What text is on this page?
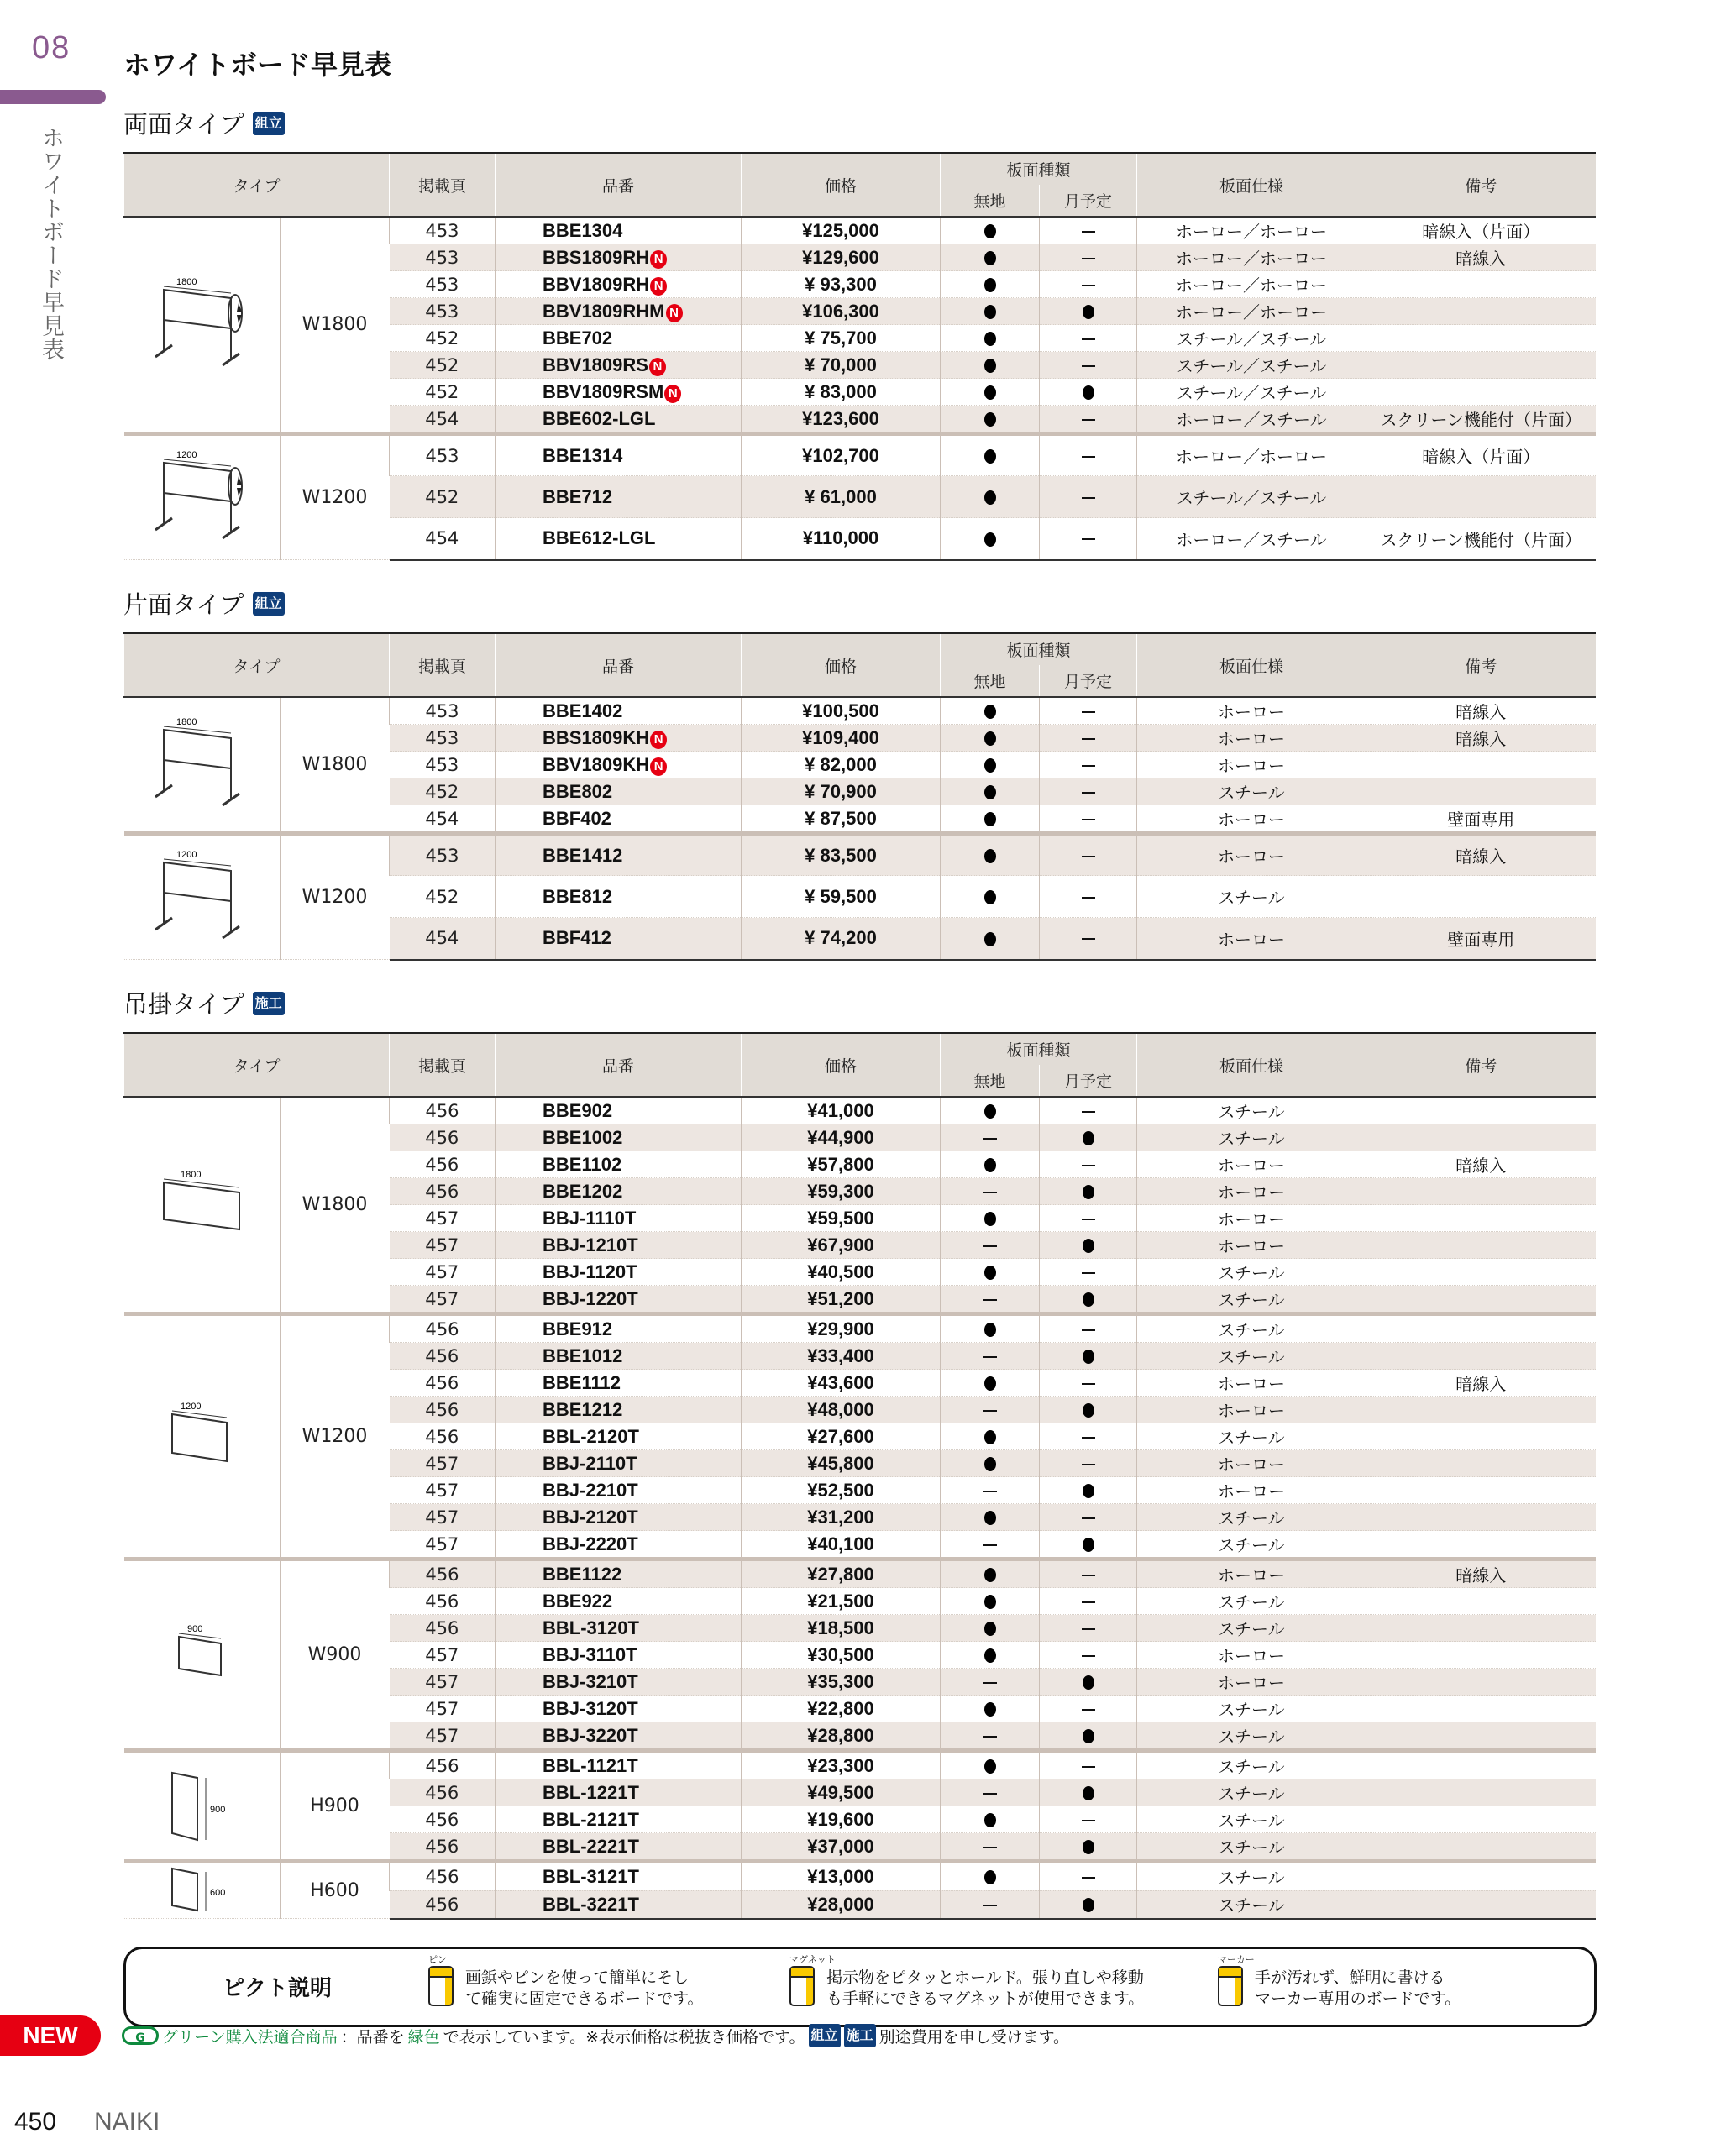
08
ホワイトボード早見表
ホワイトボード早見表
両面タイプ 組立
タイプ		掲載頁	品番	価格	板面種類		板面仕様	備考
					無地	月予定		

1800	W1800	453	BBE1304	¥125,000			ホーロー／ホーロー	暗線入（片面）
		453	BBS1809RH N	¥129,600			ホーロー／ホーロー	暗線入
		453	BBV1809RH N	¥ 93,300			ホーロー／ホーロー	
		453	BBV1809RHM N	¥106,300			ホーロー／ホーロー	
		452	BBE702	¥ 75,700			スチール／スチール	
		452	BBV1809RS N	¥ 70,000			スチール／スチール	
		452	BBV1809RSM N	¥ 83,000			スチール／スチール	
		454	BBE602-LGL	¥123,600			ホーロー／スチール	スクリーン機能付（片面）

1200	W1200	453	BBE1314	¥102,700			ホーロー／ホーロー	暗線入（片面）
		452	BBE712	¥ 61,000			スチール／スチール	
		454	BBE612-LGL	¥110,000			ホーロー／スチール	スクリーン機能付（片面）
片面タイプ 組立
タイプ		掲載頁	品番	価格	板面種類		板面仕様	備考
					無地	月予定		

1800	W1800	453	BBE1402	¥100,500			ホーロー	暗線入
		453	BBS1809KH N	¥109,400			ホーロー	暗線入
		453	BBV1809KH N	¥ 82,000			ホーロー	
		452	BBE802	¥ 70,900			スチール	
		454	BBF402	¥ 87,500			ホーロー	壁面専用

1200	W1200	453	BBE1412	¥ 83,500			ホーロー	暗線入
		452	BBE812	¥ 59,500			スチール	
		454	BBF412	¥ 74,200			ホーロー	壁面専用
吊掛タイプ 施工
タイプ		掲載頁	品番	価格	板面種類		板面仕様	備考
					無地	月予定		

1800	W1800	456	BBE902	¥41,000			スチール	
		456	BBE1002	¥44,900			スチール	
		456	BBE1102	¥57,800			ホーロー	暗線入
		456	BBE1202	¥59,300			ホーロー	
		457	BBJ-1110T	¥59,500			ホーロー	
		457	BBJ-1210T	¥67,900			ホーロー	
		457	BBJ-1120T	¥40,500			スチール	
		457	BBJ-1220T	¥51,200			スチール	

1200	W1200	456	BBE912	¥29,900			スチール	
		456	BBE1012	¥33,400			スチール	
		456	BBE1112	¥43,600			ホーロー	暗線入
		456	BBE1212	¥48,000			ホーロー	
		456	BBL-2120T	¥27,600			スチール	
		457	BBJ-2110T	¥45,800			ホーロー	
		457	BBJ-2210T	¥52,500			ホーロー	
		457	BBJ-2120T	¥31,200			スチール	
		457	BBJ-2220T	¥40,100			スチール	

900	W900	456	BBE1122	¥27,800			ホーロー	暗線入
		456	BBE922	¥21,500			スチール	
		456	BBL-3120T	¥18,500			スチール	
		457	BBJ-3110T	¥30,500			ホーロー	
		457	BBJ-3210T	¥35,300			ホーロー	
		457	BBJ-3120T	¥22,800			スチール	
		457	BBJ-3220T	¥28,800			スチール	

900	H900	456	BBL-1121T	¥23,300			スチール	
		456	BBL-1221T	¥49,500			スチール	
		456	BBL-2121T	¥19,600			スチール	
		456	BBL-2221T	¥37,000			スチール	

600	H600	456	BBL-3121T	¥13,000			スチール	
		456	BBL-3221T	¥28,000			スチール	
ピクト説明
ピン
画鋲やピンを使って簡単にそし
て確実に固定できるボードです。
マグネット
掲示物をピタッとホールド。張り直しや移動
も手軽にできるマグネットが使用できます。
マーカー
手が汚れず、鮮明に書ける
マーカー専用のボードです。
NEW	G	グリーン購入法適合商品 ：品番を 緑色 で表示しています。※表示価格は税抜き価格です。 組立 施工 別途費用を申し受けます。
450 NAIKI
